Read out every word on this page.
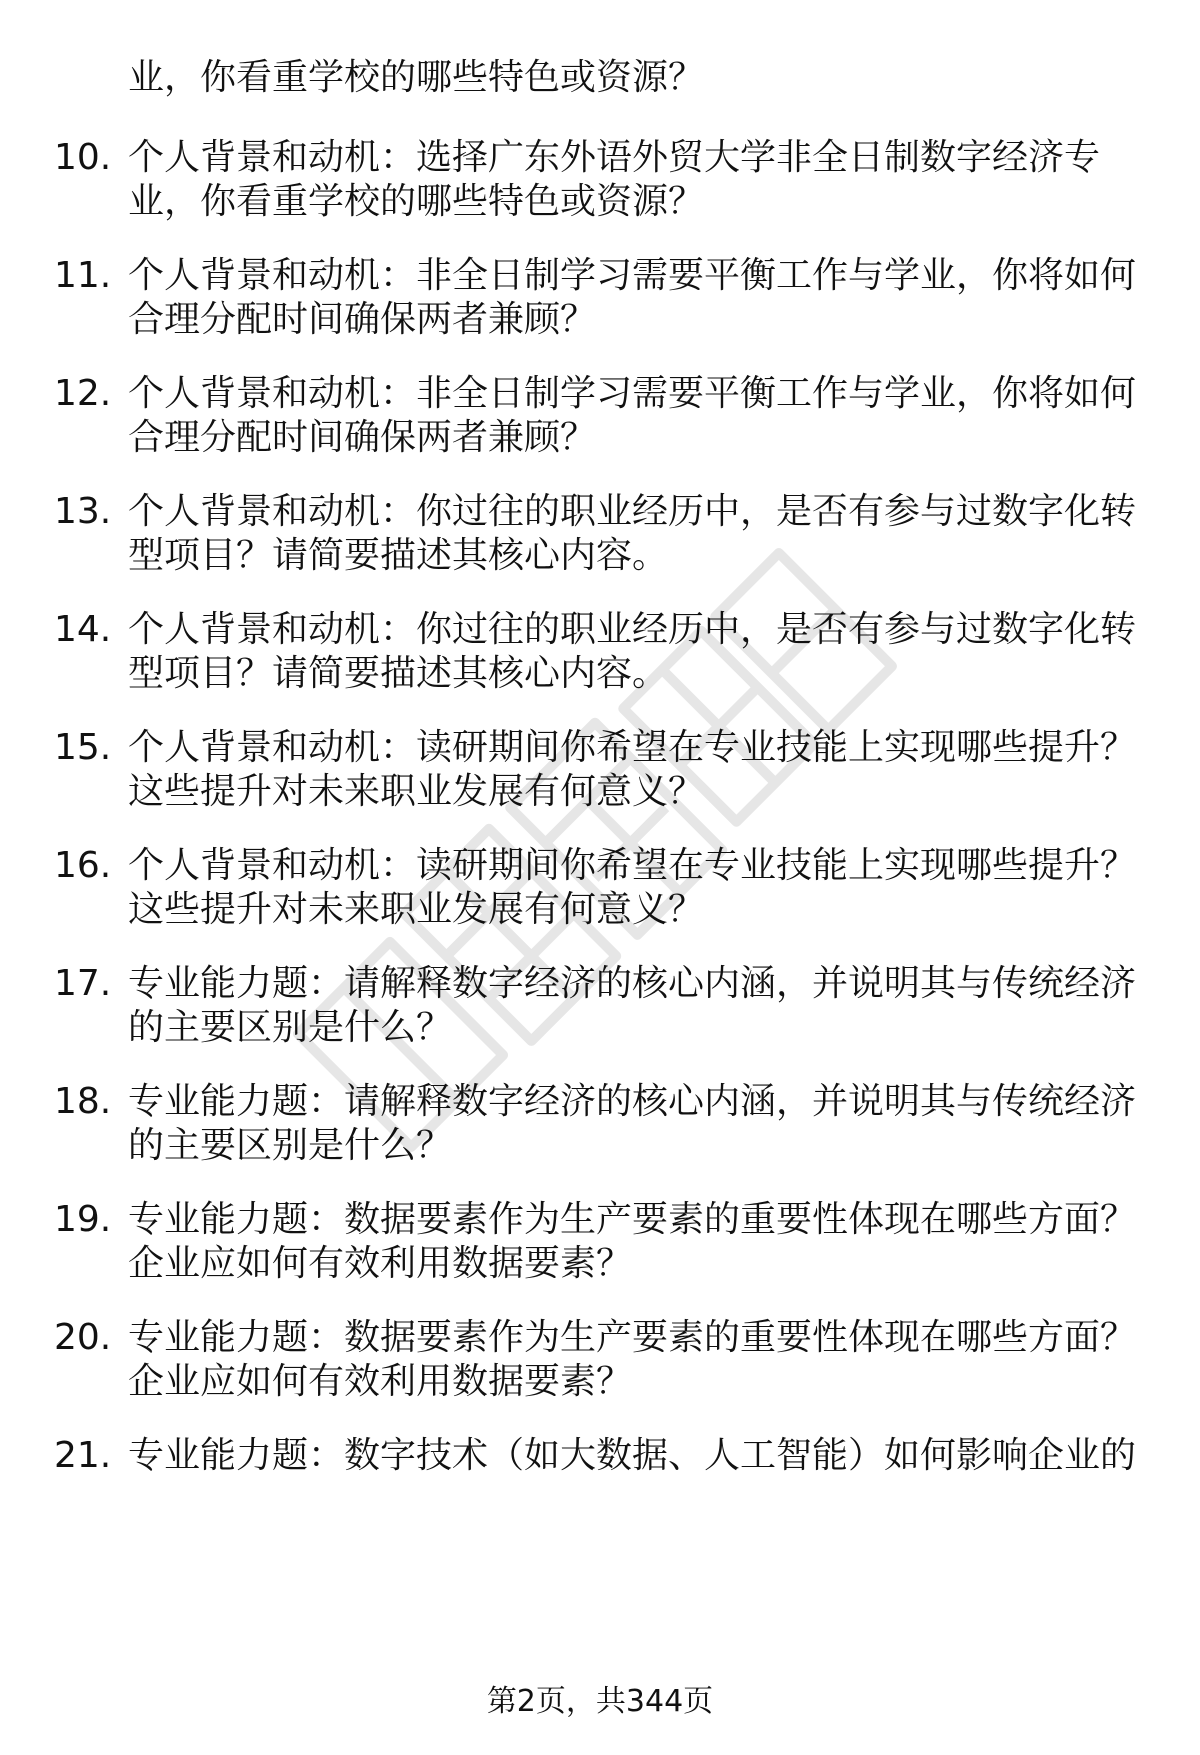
业，你看重学校的哪些特色或资源？
10. 个人背景和动机：选择广东外语外贸大学非全日制数字经济专
业，你看重学校的哪些特色或资源？
11. 个人背景和动机：非全日制学习需要平衡工作与学业，你将如何
合理分配时间确保两者兼顾？
12. 个人背景和动机：非全日制学习需要平衡工作与学业，你将如何
合理分配时间确保两者兼顾？
13. 个人背景和动机：你过往的职业经历中，是否有参与过数字化转
型项目？请简要描述其核心内容。
14. 个人背景和动机：你过往的职业经历中，是否有参与过数字化转
型项目？请简要描述其核心内容。
15. 个人背景和动机：读研期间你希望在专业技能上实现哪些提升？
这些提升对未来职业发展有何意义？
16. 个人背景和动机：读研期间你希望在专业技能上实现哪些提升？
这些提升对未来职业发展有何意义？
17. 专业能力题：请解释数字经济的核心内涵，并说明其与传统经济
的主要区别是什么？
18. 专业能力题：请解释数字经济的核心内涵，并说明其与传统经济
的主要区别是什么？
19. 专业能力题：数据要素作为生产要素的重要性体现在哪些方面？
企业应如何有效利用数据要素？
20. 专业能力题：数据要素作为生产要素的重要性体现在哪些方面？
企业应如何有效利用数据要素？
21. 专业能力题：数字技术（如大数据、人工智能）如何影响企业的
第2页，共344页
